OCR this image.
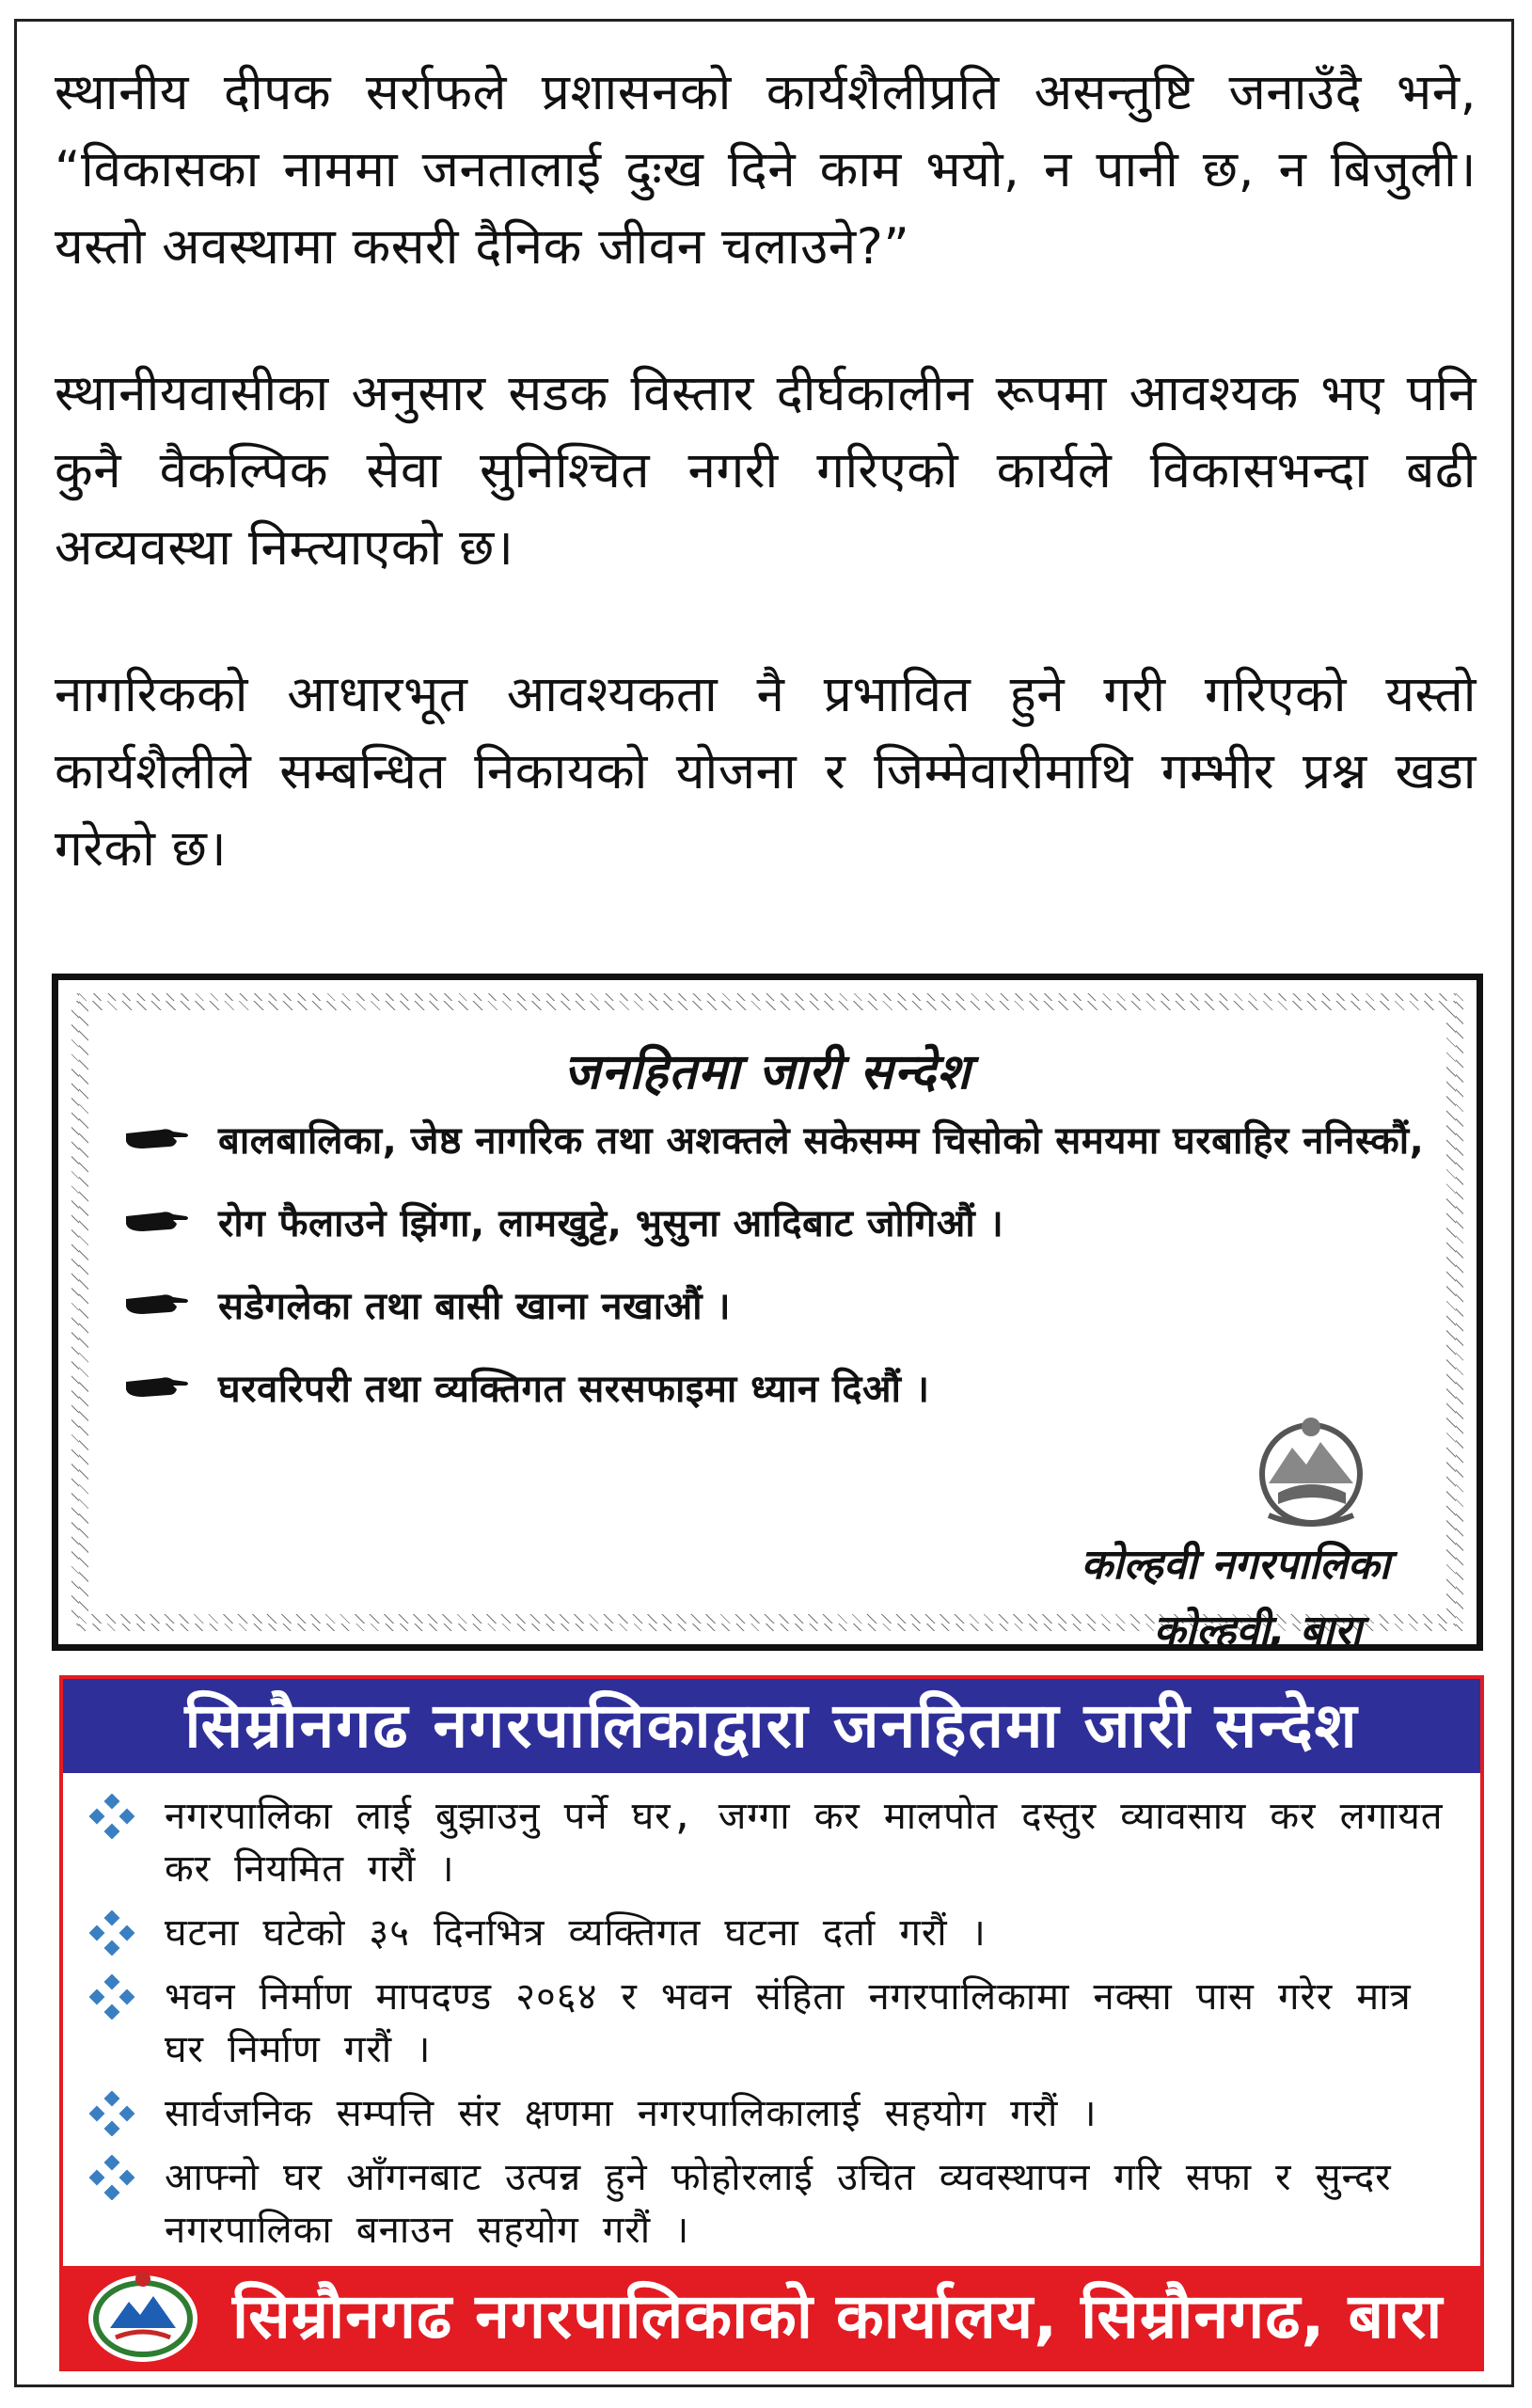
स्थानीय दीपक सर्राफले प्रशासनको कार्यशैलीप्रति असन्तुष्टि जनाउँदै भने, “विकासका नाममा जनतालाई दुःख दिने काम भयो, न पानी छ, न बिजुली। यस्तो अवस्थामा कसरी दैनिक जीवन चलाउने?”

स्थानीयवासीका अनुसार सडक विस्तार दीर्घकालीन रूपमा आवश्यक भए पनि कुनै वैकल्पिक सेवा सुनिश्चित नगरी गरिएको कार्यले विकासभन्दा बढी अव्यवस्था निम्त्याएको छ।

नागरिकको आधारभूत आवश्यकता नै प्रभावित हुने गरी गरिएको यस्तो कार्यशैलीले सम्बन्धित निकायको योजना र जिम्मेवारीमाथि गम्भीर प्रश्न खडा गरेको छ।

जनहितमा जारी सन्देश
बालबालिका, जेष्ठ नागरिक तथा अशक्तले सकेसम्म चिसोको समयमा घरबाहिर ननिस्कौं,
रोग फैलाउने झिंगा, लामखुट्टे, भुसुना आदिबाट जोगिऔं ।
सडेगलेका तथा बासी खाना नखाऔं ।
घरवरिपरी तथा व्यक्तिगत सरसफाइमा ध्यान दिऔं ।
कोल्हवी नगरपालिका
कोल्हवी, बारा
सिम्रौनगढ नगरपालिकाद्वारा जनहितमा जारी सन्देश
नगरपालिका लाई बुझाउनु पर्ने घर, जग्गा कर मालपोत दस्तुर व्यावसाय कर लगायत कर नियमित गरौं ।
घटना घटेको ३५ दिनभित्र व्यक्तिगत घटना दर्ता गरौं ।
भवन निर्माण मापदण्ड २०६४ र भवन संहिता नगरपालिकामा नक्सा पास गरेर मात्र घर निर्माण गरौं ।
सार्वजनिक सम्पत्ति संर क्षणमा नगरपालिकालाई सहयोग गरौं ।
आफ्नो घर आँगनबाट उत्पन्न हुने फोहोरलाई उचित व्यवस्थापन गरि सफा र सुन्दर नगरपालिका बनाउन सहयोग गरौं ।
सिम्रौनगढ नगरपालिकाको कार्यालय, सिम्रौनगढ, बारा
